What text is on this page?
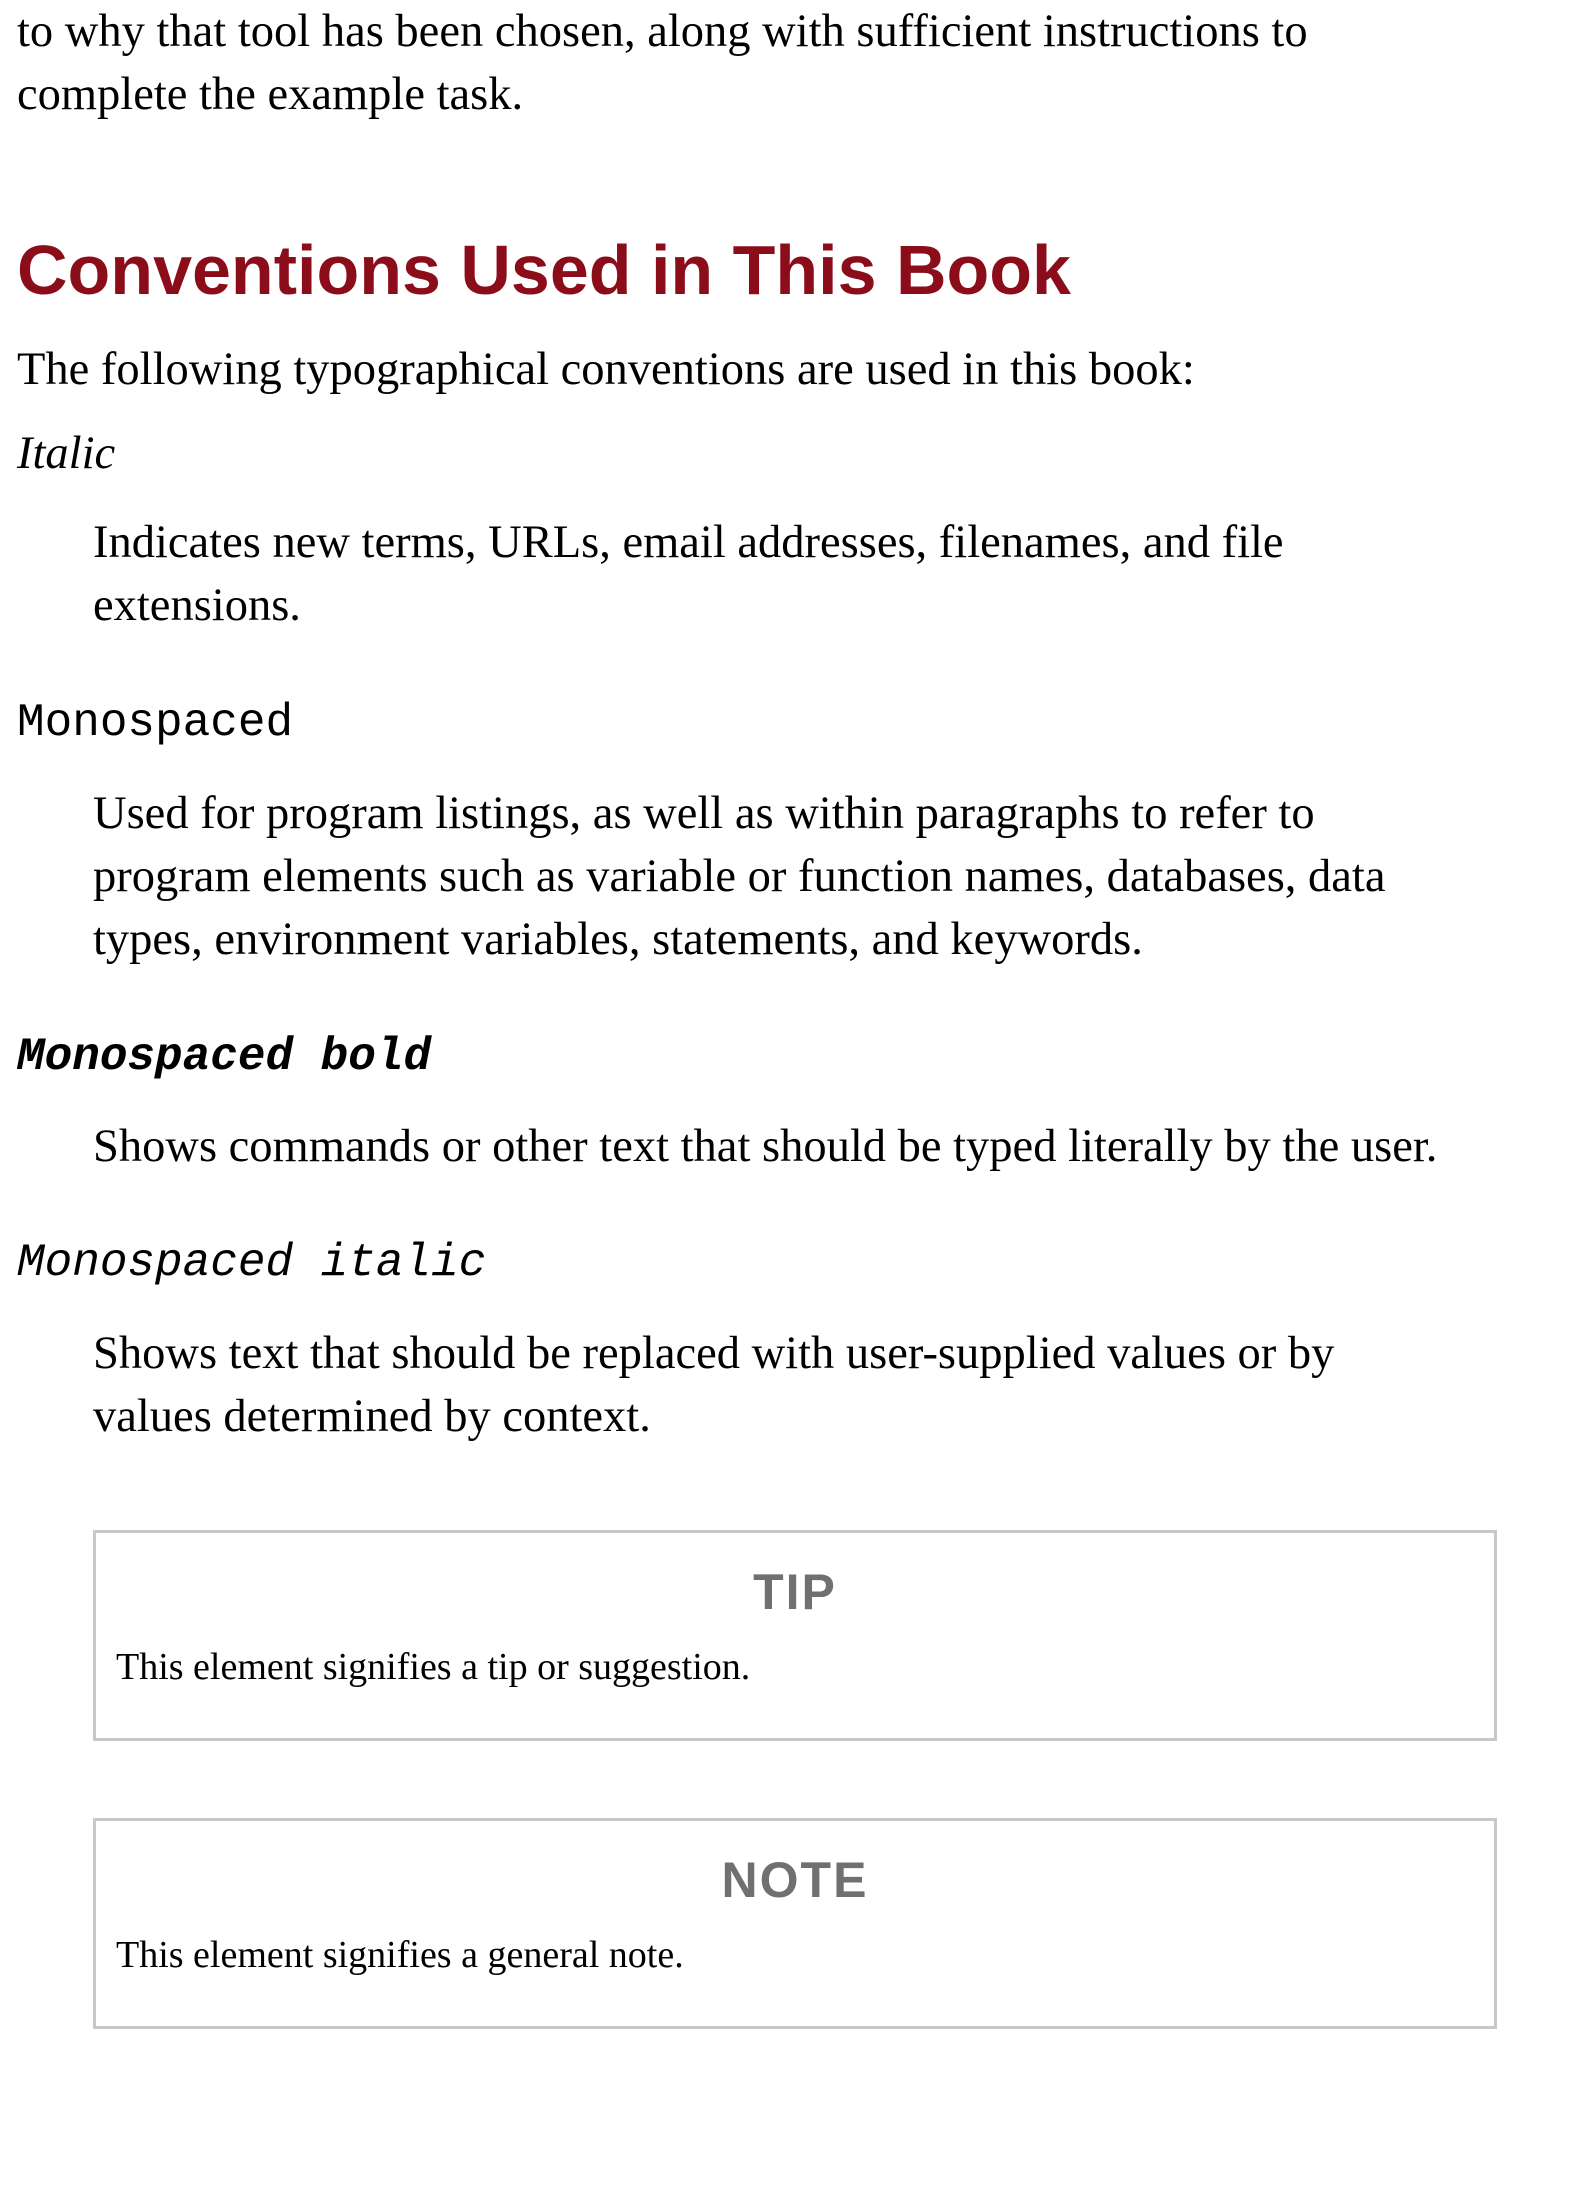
to why that tool has been chosen, along with sufficient instructions to
complete the example task.

Conventions Used in This Book

The following typographical conventions are used in this book:

Italic

Indicates new terms, URLs, email addresses, filenames, and file
extensions.

Monospaced

Used for program listings, as well as within paragraphs to refer to
program elements such as variable or function names, databases, data
types, environment variables, statements, and keywords.

Monospaced bold

Shows commands or other text that should be typed literally by the user.

Monospaced italic

Shows text that should be replaced with user-supplied values or by
values determined by context.

TIP

This element signifies a tip or suggestion.

NOTE

This element signifies a general note.
